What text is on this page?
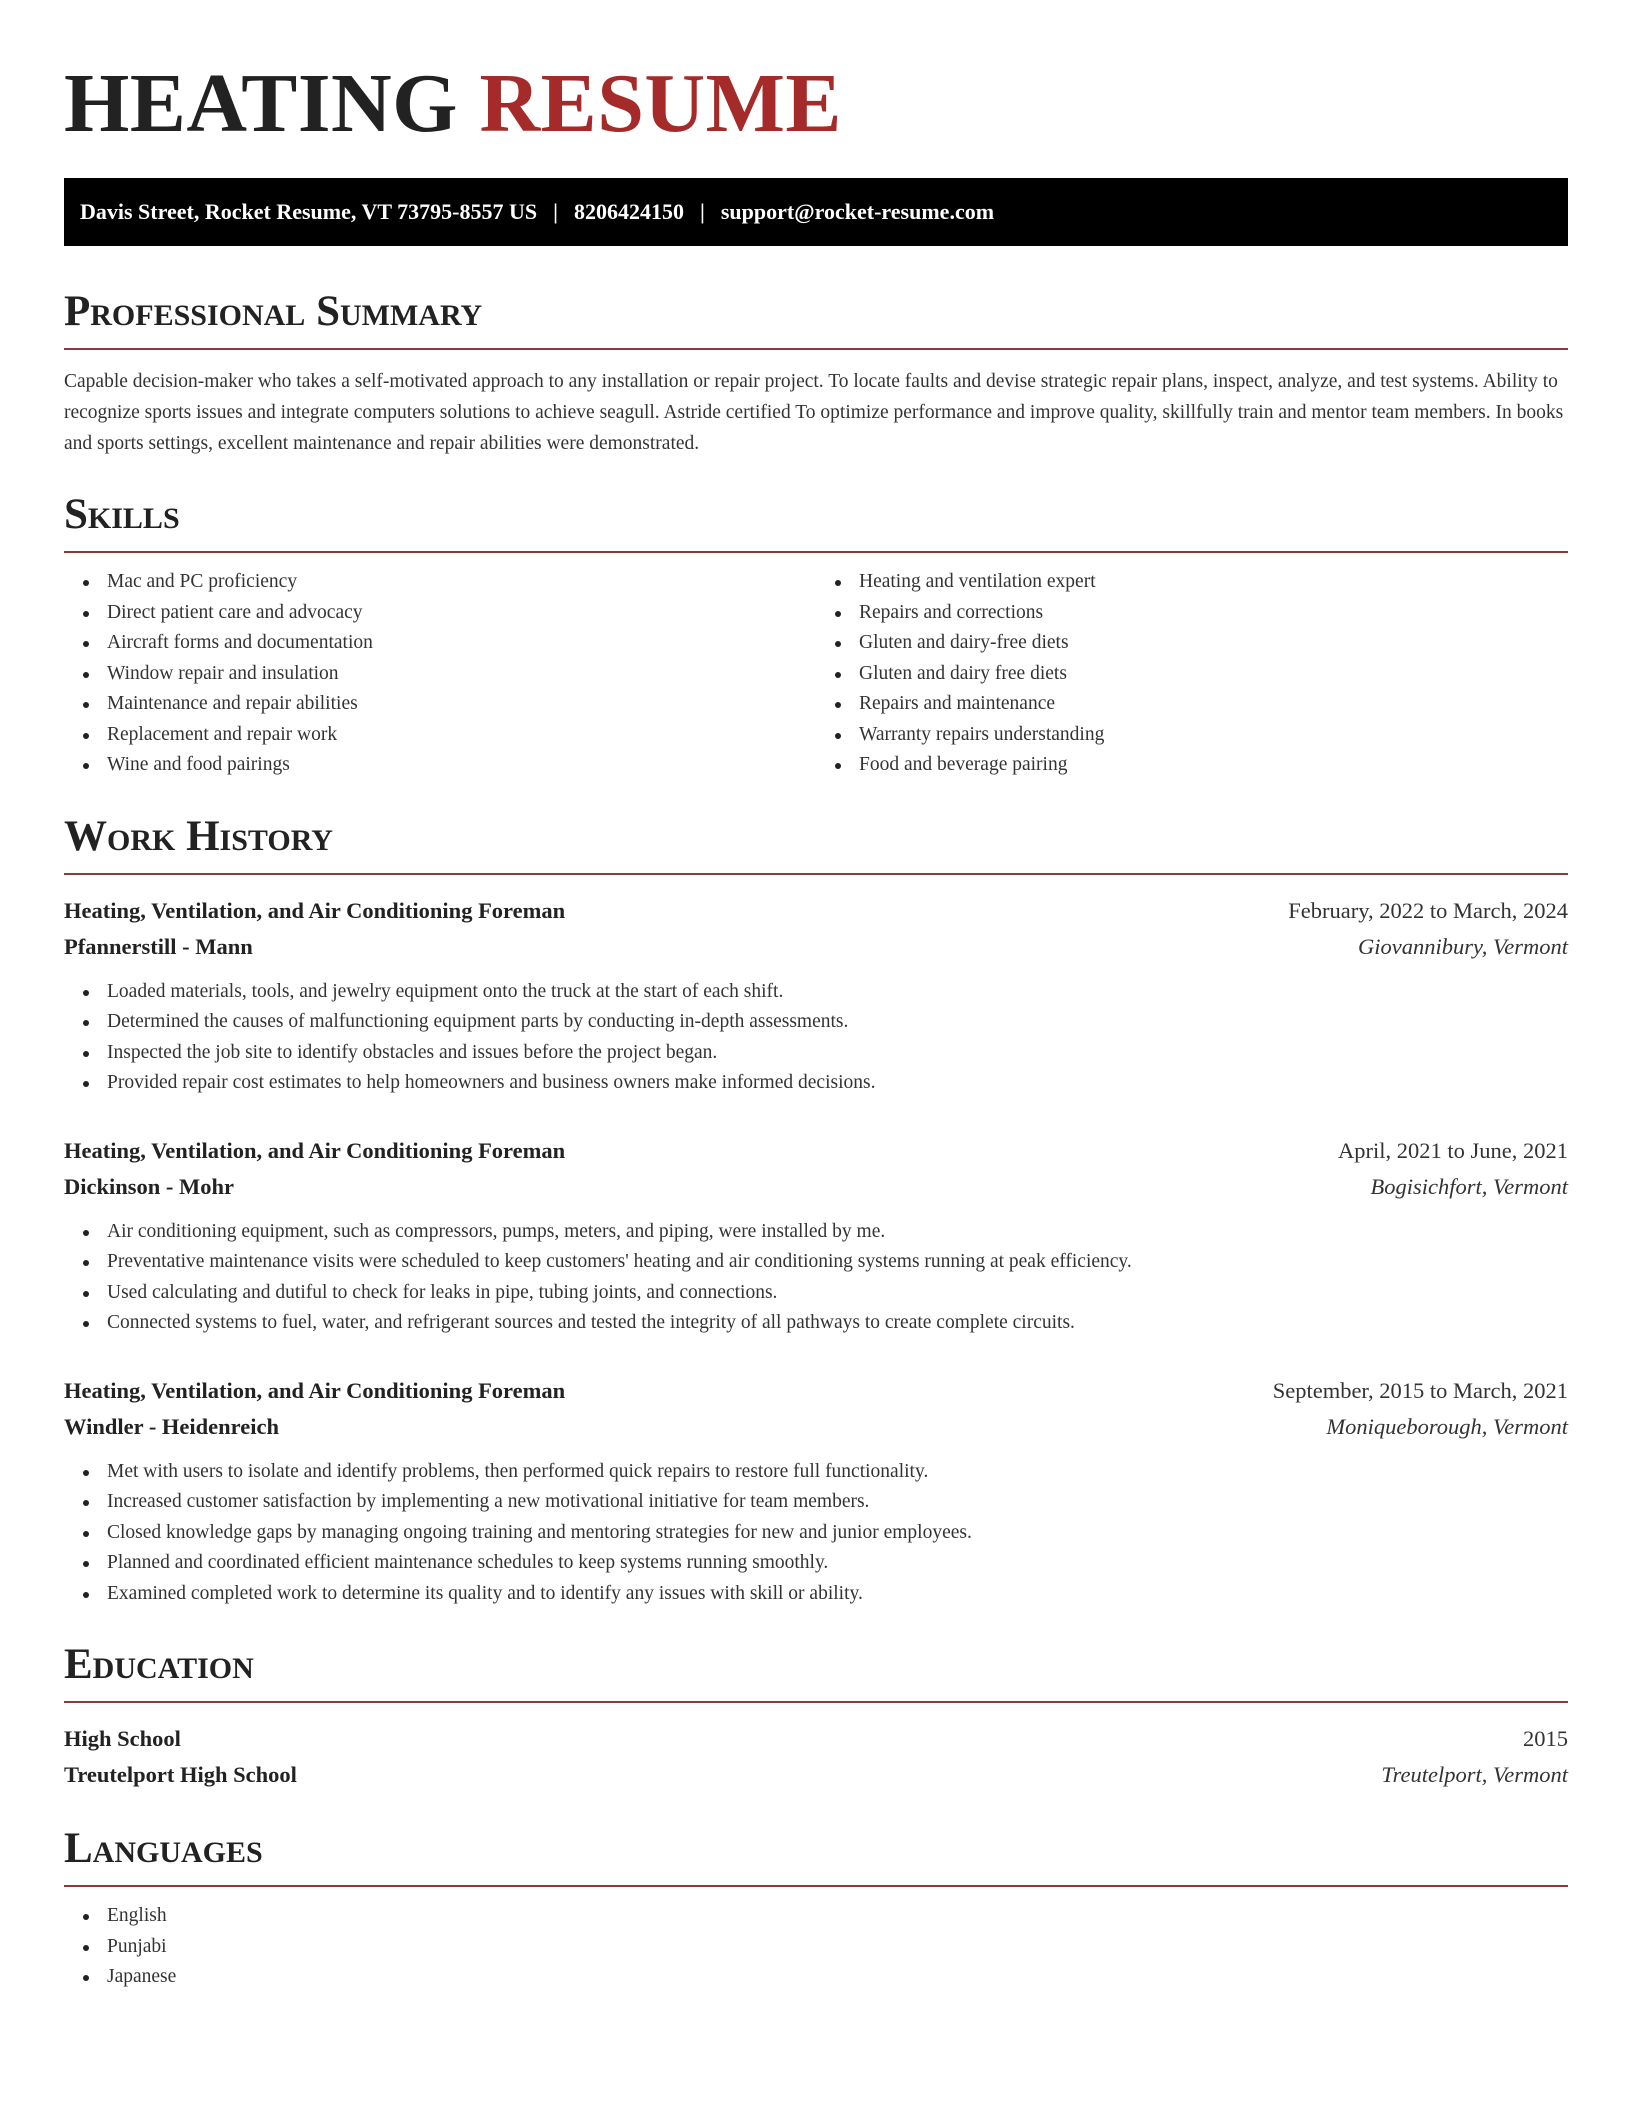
HEATING RESUME
Davis Street, Rocket Resume, VT 73795-8557 US | 8206424150 | support@rocket-resume.com
Professional Summary

Capable decision-maker who takes a self-motivated approach to any installation or repair project. To locate faults and devise strategic repair plans, inspect, analyze, and test systems. Ability to recognize sports issues and integrate computers solutions to achieve seagull. Astride certified To optimize performance and improve quality, skillfully train and mentor team members. In books and sports settings, excellent maintenance and repair abilities were demonstrated.

Skills
Mac and PC proficiency
Direct patient care and advocacy
Aircraft forms and documentation
Window repair and insulation
Maintenance and repair abilities
Replacement and repair work
Wine and food pairings
Heating and ventilation expert
Repairs and corrections
Gluten and dairy-free diets
Gluten and dairy free diets
Repairs and maintenance
Warranty repairs understanding
Food and beverage pairing
Work History
Heating, Ventilation, and Air Conditioning Foreman	February, 2022 to March, 2024
Pfannerstill - Mann	Giovannibury, Vermont
Loaded materials, tools, and jewelry equipment onto the truck at the start of each shift.
Determined the causes of malfunctioning equipment parts by conducting in-depth assessments.
Inspected the job site to identify obstacles and issues before the project began.
Provided repair cost estimates to help homeowners and business owners make informed decisions.
Heating, Ventilation, and Air Conditioning Foreman	April, 2021 to June, 2021
Dickinson - Mohr	Bogisichfort, Vermont
Air conditioning equipment, such as compressors, pumps, meters, and piping, were installed by me.
Preventative maintenance visits were scheduled to keep customers' heating and air conditioning systems running at peak efficiency.
Used calculating and dutiful to check for leaks in pipe, tubing joints, and connections.
Connected systems to fuel, water, and refrigerant sources and tested the integrity of all pathways to create complete circuits.
Heating, Ventilation, and Air Conditioning Foreman	September, 2015 to March, 2021
Windler - Heidenreich	Moniqueborough, Vermont
Met with users to isolate and identify problems, then performed quick repairs to restore full functionality.
Increased customer satisfaction by implementing a new motivational initiative for team members.
Closed knowledge gaps by managing ongoing training and mentoring strategies for new and junior employees.
Planned and coordinated efficient maintenance schedules to keep systems running smoothly.
Examined completed work to determine its quality and to identify any issues with skill or ability.
Education
High School	2015
Treutelport High School	Treutelport, Vermont
Languages
English
Punjabi
Japanese
